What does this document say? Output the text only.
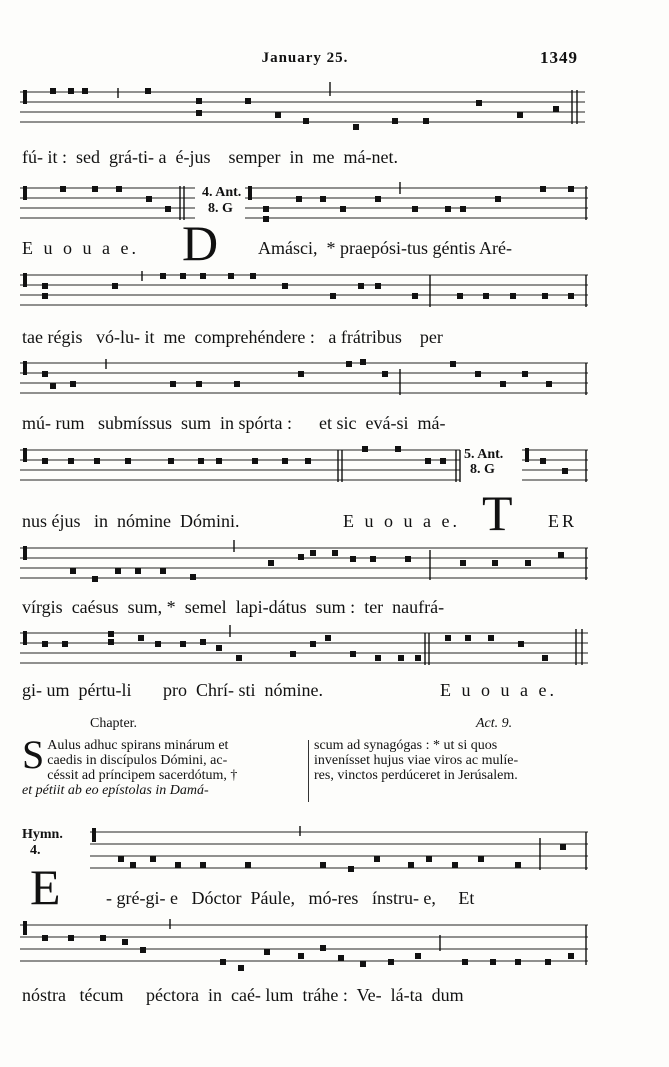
January 25.	1349
fú- it : sed grá-ti- a é-jus semper in me má-net.
4. Ant.
8. G
E u o u a e. D Amásci, * praepósi-tus géntis Aré-
tae régis vó-lu- it me comprehéndere : a frátribus per
mú- rum submíssus sum in spórta : et sic evá-si má-
5. Ant.
8. G
nus éjus in nómine Dómini.	E u o u a e. T ER
vírgis caésus sum, * semel lapi-dátus sum : ter naufrá-
gi- um pértu-li pro Chrí- sti nómine.	E u o u a e.
Chapter.	Act. 9.
S Aulus adhuc spirans minárum et

caedis in discípulos Dómini, ac-

céssit ad príncipem sacerdótum, †

et pétiit ab eo epístolas in Damá-

scum ad synagógas : * ut si quos

invenísset hujus viae viros ac mulíe-

res, vinctos perdúceret in Jerúsalem.

Hymn.
4.
E	- gré-gi- e Dóctor Páule, mó-res ínstru- e, Et
nóstra técum péctora in caé- lum tráhe : Ve- lá-ta dum
